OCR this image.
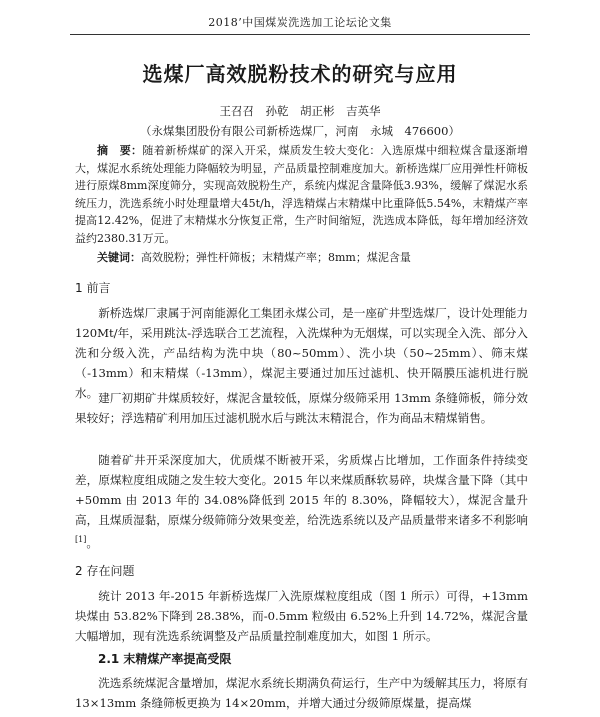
2018’中国煤炭洗选加工论坛论文集
选煤厂高效脱粉技术的研究与应用
王召召　孙乾　胡正彬　吉英华
（永煤集团股份有限公司新桥选煤厂，河南　永城　476600）
摘　要：随着新桥煤矿的深入开采，煤质发生较大变化：入选原煤中细粒煤含量逐渐增大，煤泥水系统处理能力降幅较为明显，产品质量控制难度加大。新桥选煤厂应用弹性杆筛板进行原煤8mm深度筛分，实现高效脱粉生产，系统内煤泥含量降低3.93%，缓解了煤泥水系统压力，洗选系统小时处理量增大45t/h，浮选精煤占末精煤中比重降低5.54%，末精煤产率提高12.42%，促进了末精煤水分恢复正常，生产时间缩短，洗选成本降低，每年增加经济效益约2380.31万元。
关键词：高效脱粉；弹性杆筛板；末精煤产率；8mm；煤泥含量
1 前言
新桥选煤厂隶属于河南能源化工集团永煤公司，是一座矿井型选煤厂，设计处理能力 120Mt/年，采用跳汰-浮选联合工艺流程，入洗煤种为无烟煤，可以实现全入洗、部分入洗和分级入洗，产品结构为洗中块（80~50mm）、洗小块（50~25mm）、筛末煤（-13mm）和末精煤（-13mm），煤泥主要通过加压过滤机、快开隔膜压滤机进行脱水。 建厂初期矿井煤质较好，煤泥含量较低，原煤分级筛采用 13mm 条缝筛板，筛分效果较好；浮选精矿利用加压过滤机脱水后与跳汰末精混合，作为商品末精煤销售。
随着矿井开采深度加大，优质煤不断被开采，劣质煤占比增加，工作面条件持续变差，原煤粒度组成随之发生较大变化。2015 年以来煤质酥软易碎，块煤含量下降（其中+50mm 由 2013 年的 34.08%降低到 2015 年的 8.30%，降幅较大），煤泥含量升高，且煤质湿黏，原煤分级筛筛分效果变差，给洗选系统以及产品质量带来诸多不利影响[1]。
2 存在问题
统计 2013 年-2015 年新桥选煤厂入洗原煤粒度组成（图 1 所示）可得，+13mm 块煤由 53.82%下降到 28.38%，而-0.5mm 粒级由 6.52%上升到 14.72%，煤泥含量大幅增加，现有洗选系统调整及产品质量控制难度加大，如图 1 所示。
2.1 末精煤产率提高受限
洗选系统煤泥含量增加，煤泥水系统长期满负荷运行，生产中为缓解其压力，将原有 13×13mm 条缝筛板更换为 14×20mm，并增大通过分级筛原煤量，提高煤
